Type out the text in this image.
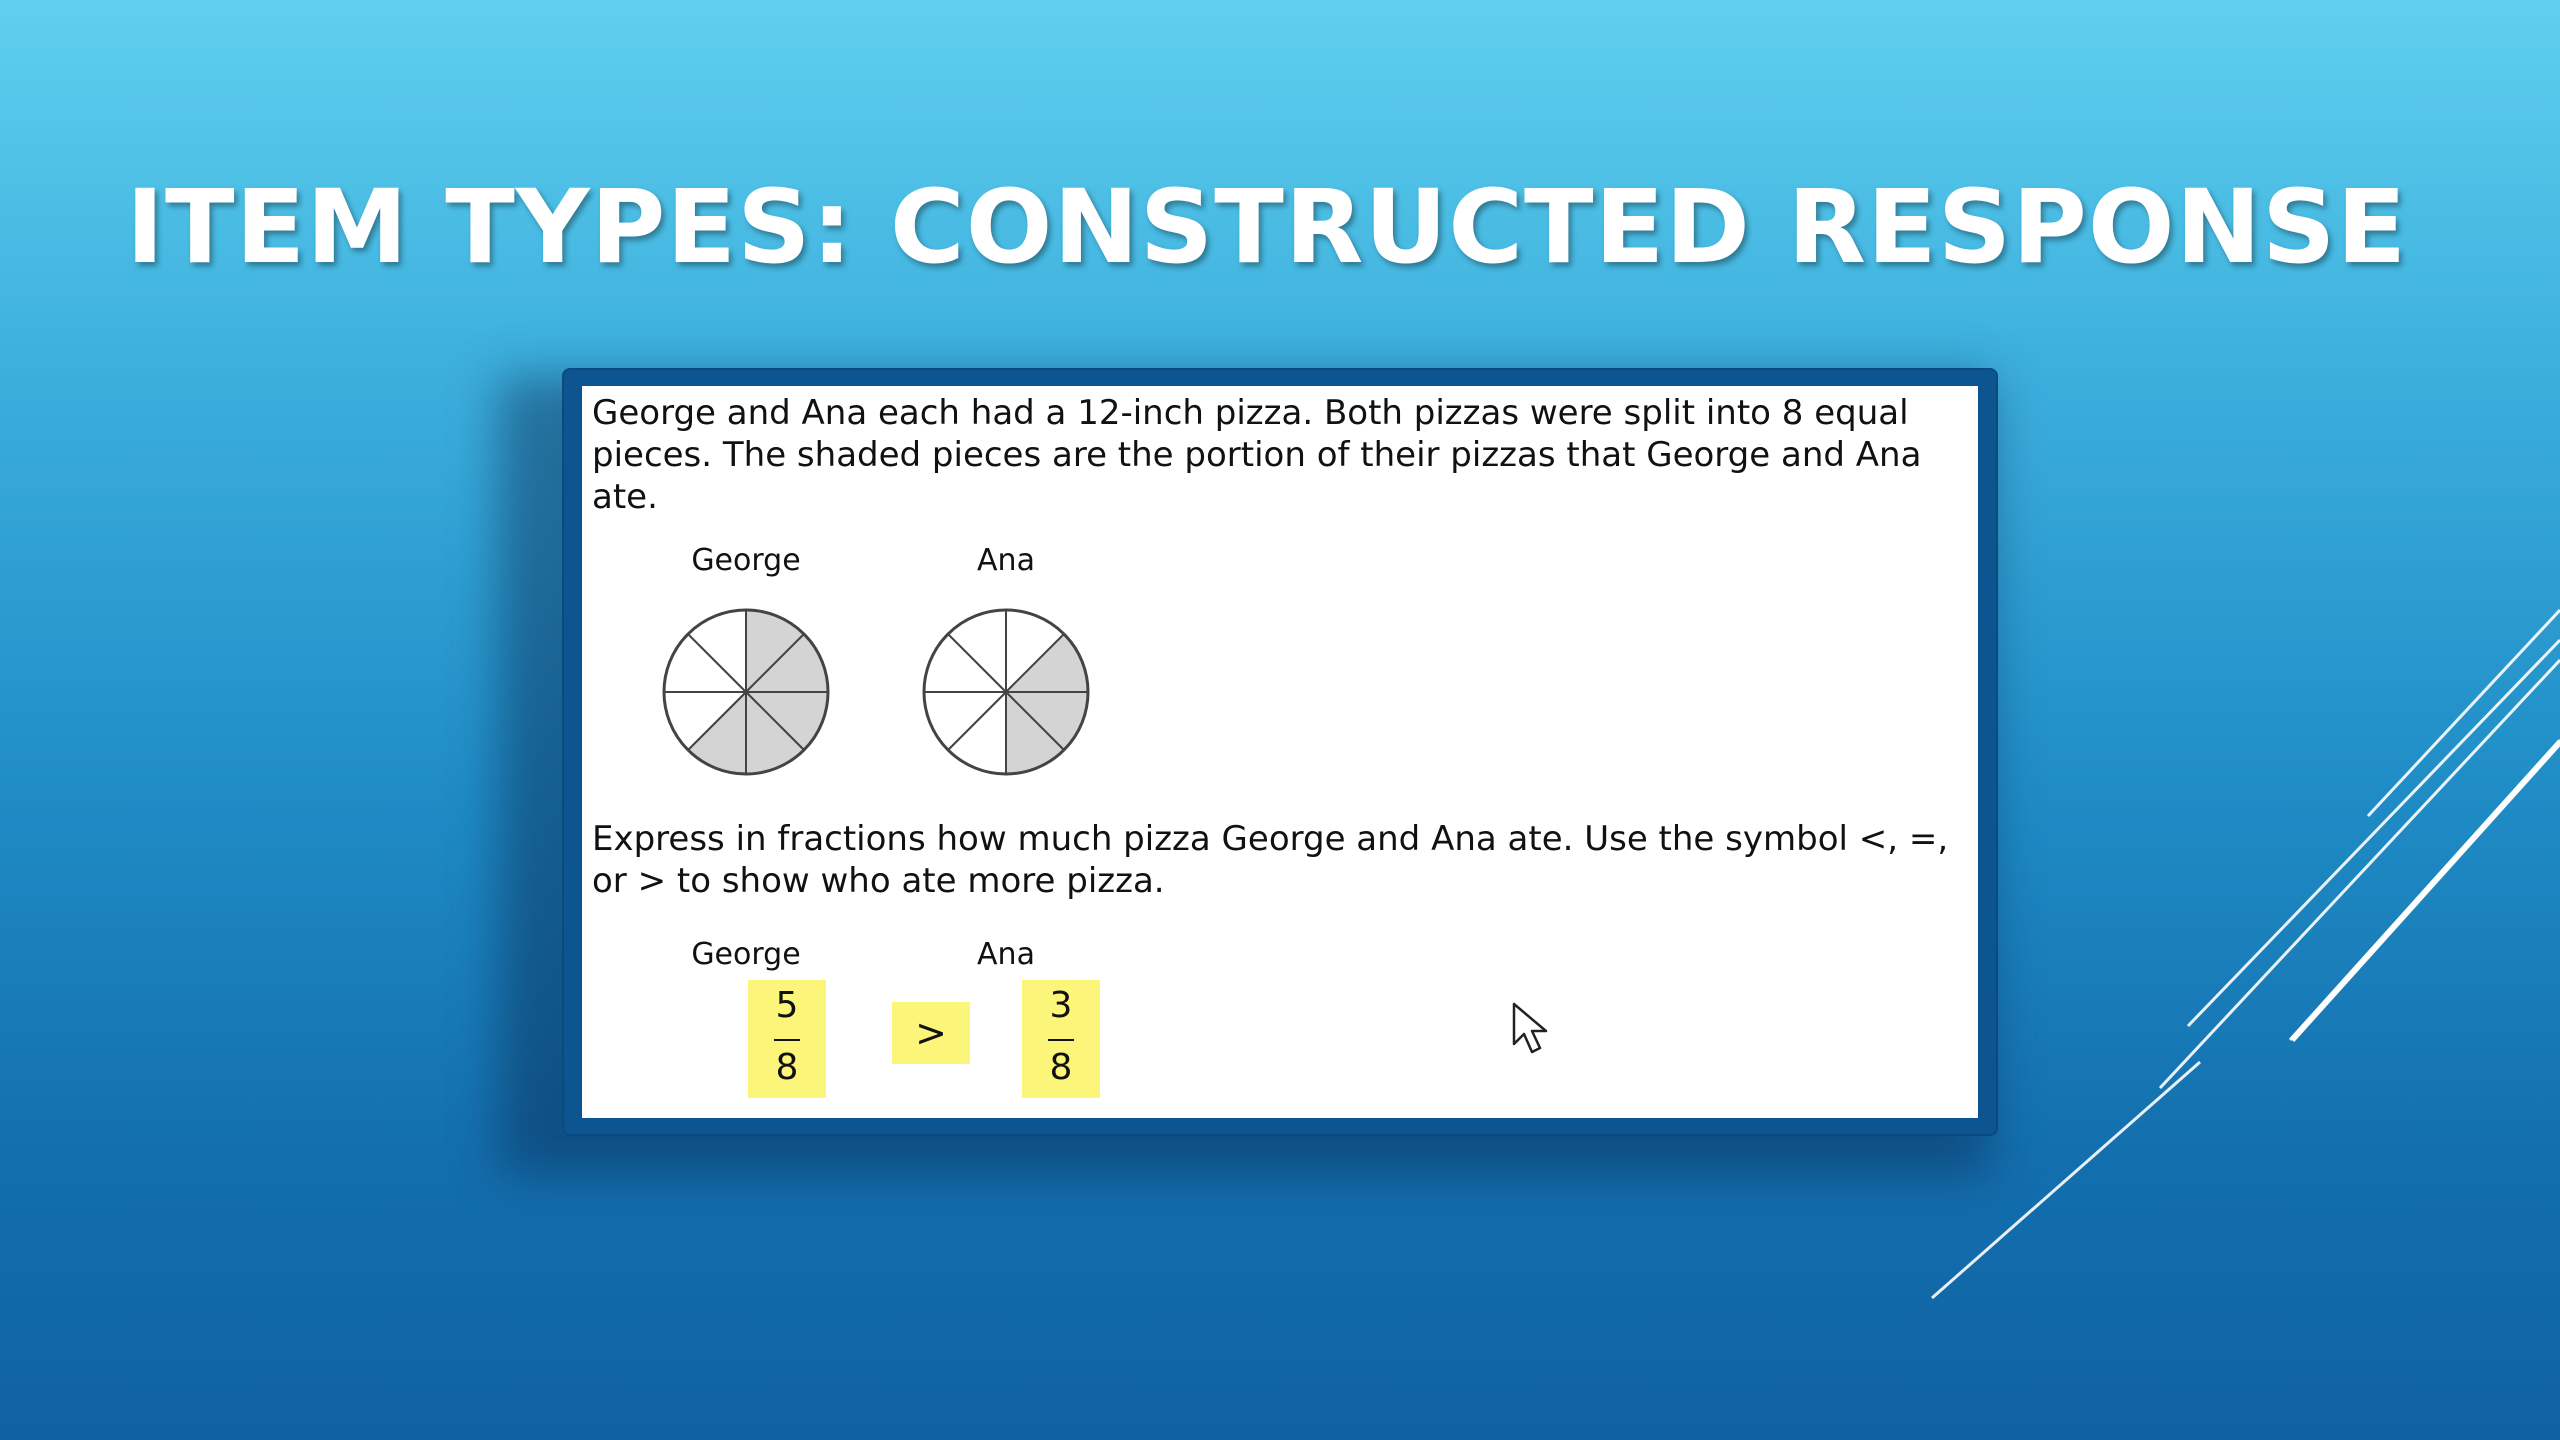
ITEM TYPES: CONSTRUCTED RESPONSE

George and Ana each had a 12-inch pizza. Both pizzas were split into 8 equal pieces. The shaded pieces are the portion of their pizzas that George and Ana ate.

George	Ana

Express in fractions how much pizza George and Ana ate. Use the symbol <, =, or > to show who ate more pizza.

George	Ana
5
8
>
3
8
